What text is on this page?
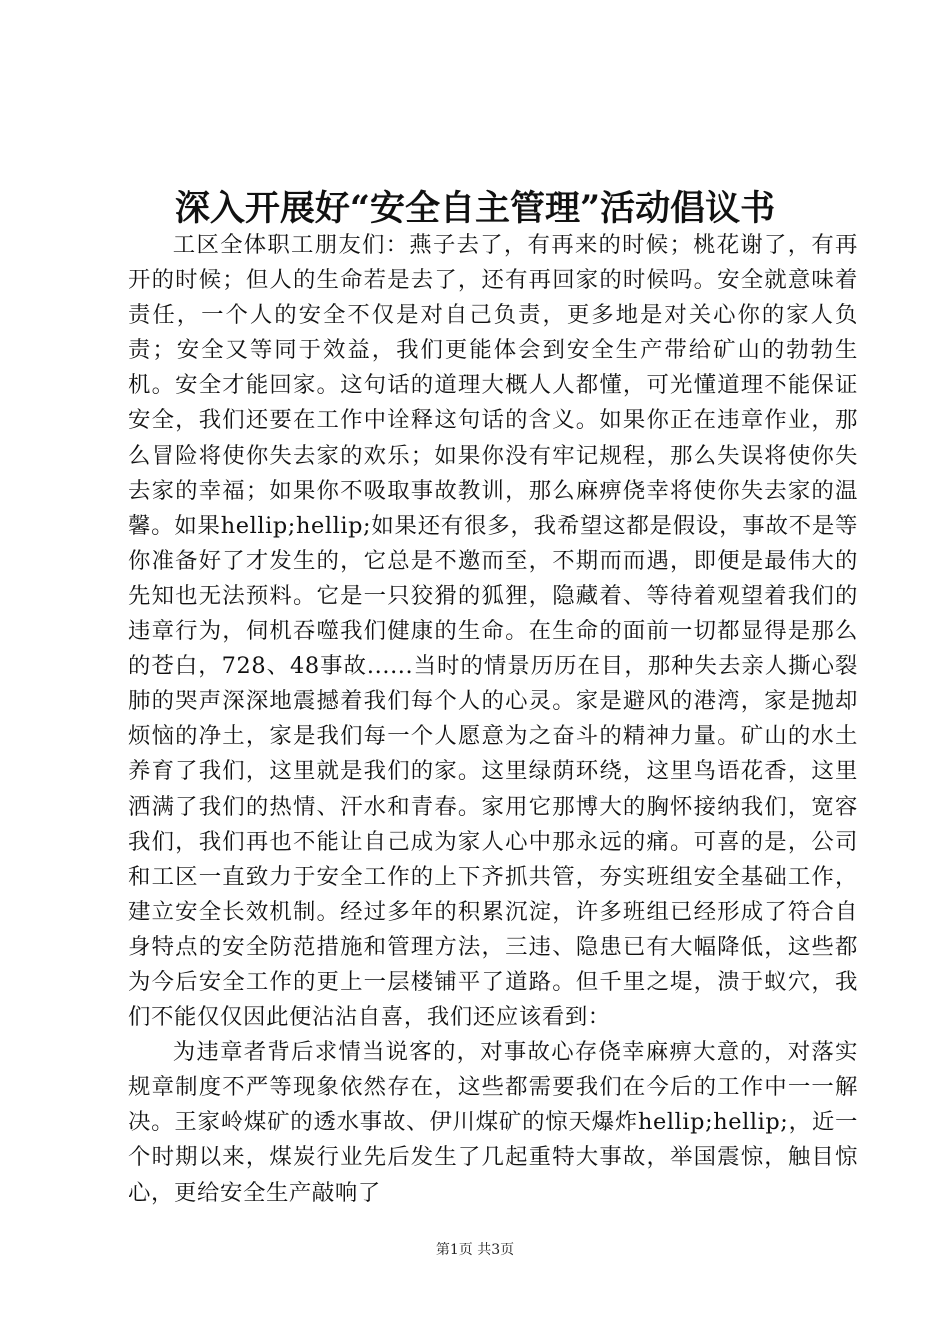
深入开展好“安全自主管理”活动倡议书

工区全体职工朋友们：燕子去了，有再来的时候；桃花谢了，有再开的时候；但人的生命若是去了，还有再回家的时候吗。安全就意味着责任，一个人的安全不仅是对自己负责，更多地是对关心你的家人负责；安全又等同于效益，我们更能体会到安全生产带给矿山的勃勃生机。安全才能回家。这句话的道理大概人人都懂，可光懂道理不能保证安全，我们还要在工作中诠释这句话的含义。如果你正在违章作业，那么冒险将使你失去家的欢乐；如果你没有牢记规程，那么失误将使你失去家的幸福；如果你不吸取事故教训，那么麻痹侥幸将使你失去家的温馨。如果hellip;hellip;如果还有很多，我希望这都是假设，事故不是等你准备好了才发生的，它总是不邀而至，不期而而遇，即便是最伟大的先知也无法预料。它是一只狡猾的狐狸，隐藏着、等待着观望着我们的违章行为，伺机吞噬我们健康的生命。在生命的面前一切都显得是那么的苍白，728、48事故......当时的情景历历在目，那种失去亲人撕心裂肺的哭声深深地震撼着我们每个人的心灵。家是避风的港湾，家是抛却烦恼的净土，家是我们每一个人愿意为之奋斗的精神力量。矿山的水土养育了我们，这里就是我们的家。这里绿荫环绕，这里鸟语花香，这里洒满了我们的热情、汗水和青春。家用它那博大的胸怀接纳我们，宽容我们，我们再也不能让自己成为家人心中那永远的痛。可喜的是，公司和工区一直致力于安全工作的上下齐抓共管，夯实班组安全基础工作，建立安全长效机制。经过多年的积累沉淀，许多班组已经形成了符合自身特点的安全防范措施和管理方法，三违、隐患已有大幅降低，这些都为今后安全工作的更上一层楼铺平了道路。但千里之堤，溃于蚁穴，我们不能仅仅因此便沾沾自喜，我们还应该看到：

为违章者背后求情当说客的，对事故心存侥幸麻痹大意的，对落实规章制度不严等现象依然存在，这些都需要我们在今后的工作中一一解决。王家岭煤矿的透水事故、伊川煤矿的惊天爆炸hellip;hellip;，近一个时期以来，煤炭行业先后发生了几起重特大事故，举国震惊，触目惊心，更给安全生产敲响了

第1页 共3页
